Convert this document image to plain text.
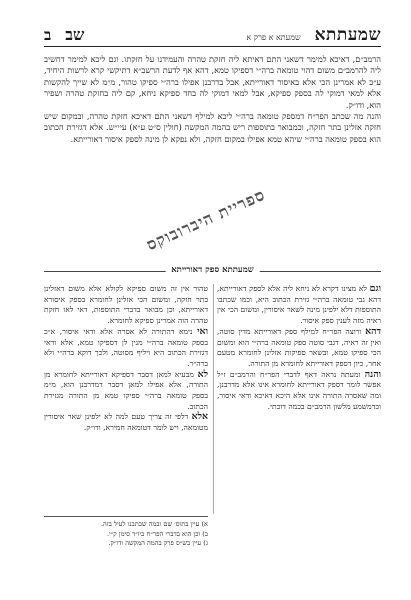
שמעתתא
שמעתא א פרק א
שב
ב

הרמב״ם, דאיכא למימר דשאני התם דאיתא ליה חזקת טהרה והעמידנו על חזקתו. וגם ליכא למימר דחשיב ליה להרמב״ם משום דהוי טומאה ברה״י דספיקו טמא, דהא אף לדעת הרשב״א דתיקשי קרא לרשות היחיד, ע״כ לא אמרינן הכי אלא באיסור דאורייתא, אבל בדרבנן אפילו ברה״י ספיקו טהור, מ״מ לא שייך להקשות אלא למאי דמוקי לה בספק ספיקא, אבל למאי דמוקי לה בחד ספיקא ניחא, קם ליה בחזקת טהרה ושפיר הוא, ודו״ק.

והנה מה שכתב הפר״ח דמספק טומאה ברה״י ליכא למילף דשאני התם דאיכא חזקת טהרה, ובמקום שיש חזקה אזלינן בתר חזקה, וכמבואר בתוספות ריש בהמה המקשה (חולין ס״ט ע״א) עיי״ש. אלא דגזירת הכתוב הוא בספק טומאה ברה״י שיהא טמא אפילו במקום חזקה, ולא נפקא לן מינה לספק איסור דאורייתא.

שמעתתא ספק דאורייתא

וגם לא מצינו דקרא לא ניחא ליה אלא לספק דאורייתא, דהא גבי טומאה ברה״י גזירת הכתוב היא, וכמו שכתבו התוספות דלא ילפינן מינה לשאר איסורין, ומשום הכי אין ראיה מזה לענין ספק איסור.

דהא ורוצה הפר״ח למילף ספק דאורייתא מדין סוטה, ואין זה ראיה, דגבי סוטה ספק טומאה ברה״י הוא ומשום הכי ספיקו טמא, ובשאר ספיקות אזלינן לחומרא מטעם אחר, כיון דספק דאורייתא לחומרא מן התורה.

והנה ומעתה נראה דאף לדברי הפר״ח והרמב״ם ז״ל אפשר לומר דספק דאורייתא לחומרא אינו אלא מדרבנן, ומה שאסרה התורה אינו אלא היכא דאיכא ודאי איסור, וכדמשמע מלשון הרמב״ם בכמה דוכתי.

טהור אין זה משום ספיקא לקולא אלא משום דאזלינן בתר חזקה, ומשום הכי אזלינן לחומרא בספק איסורא דאורייתא, וכן מבואר בדברי התוספות, דאי לאו חזקת טהרה הוה אמרינן ספיקא לחומרא.

ואי נימא דהתורה לא אסרה אלא ודאי איסור, א״כ בספק טומאה ברה״י מנין לן דספיקו טמא, אלא ודאי דגזירת הכתוב היא ויליף מסוטה, ולכך דוקא ברה״י ולא ברה״ר.

לא מבעיא למאן דסבר דספיקא דאורייתא לחומרא מן התורה, אלא אפילו למאן דסבר דמדרבנן הוא, מ״מ בספק טומאה ברה״י ספיקו טמא מן התורה מגזירת הכתוב.

אלא דלפי זה צריך טעם למה לא ילפינן שאר איסורין מטומאה, ויש לומר דטומאה חמירא, ודו״ק.

א) עיין בתוס׳ שם ובמה שכתבנו לעיל בזה.

ב) וכן הוא בדברי הפר״ח ביו״ד סימן ק״י.

ג) עיין בש״ס פרק בהמה המקשה ודו״ק.

ספריית היברובוקס
